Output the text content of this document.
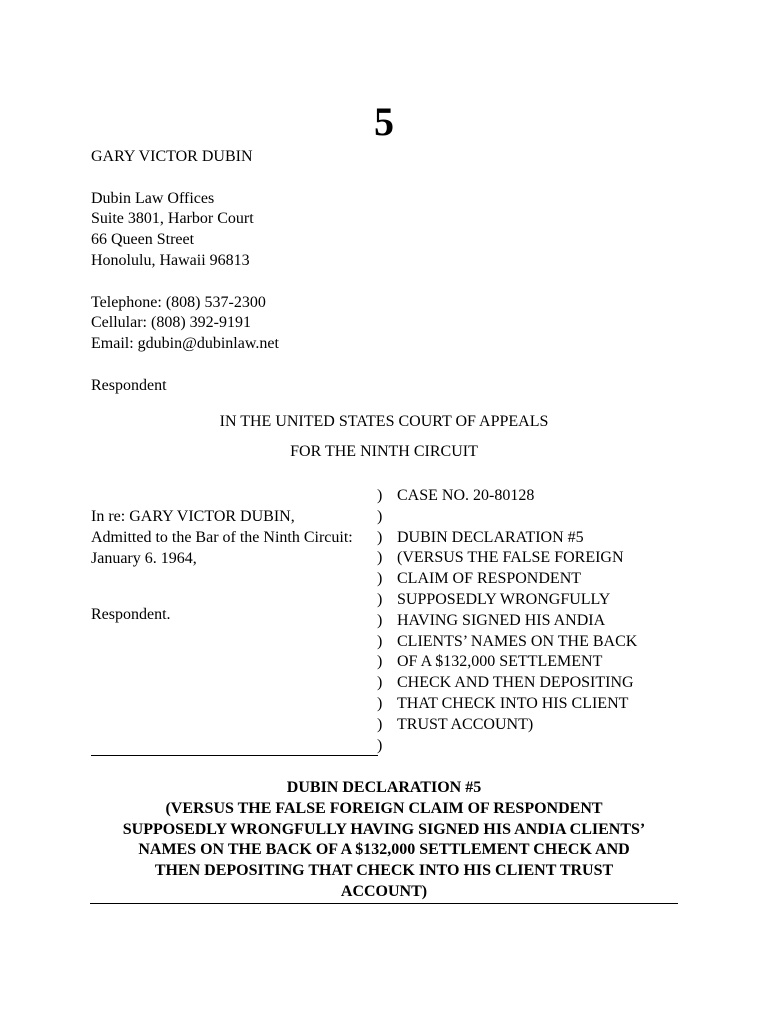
5
GARY VICTOR DUBIN
Dubin Law Offices
Suite 3801, Harbor Court
66 Queen Street
Honolulu, Hawaii 96813
Telephone: (808) 537-2300
Cellular: (808) 392-9191
Email: gdubin@dubinlaw.net
Respondent
IN THE UNITED STATES COURT OF APPEALS
FOR THE NINTH CIRCUIT
In re: GARY VICTOR DUBIN,
Admitted to the Bar of the Ninth Circuit:
January 6. 1964,
Respondent.
)
)
)
)
)
)
)
)
)
)
)
)
)
CASE NO. 20-80128
DUBIN DECLARATION #5
(VERSUS THE FALSE FOREIGN
CLAIM OF RESPONDENT
SUPPOSEDLY WRONGFULLY
HAVING SIGNED HIS ANDIA
CLIENTS’ NAMES ON THE BACK
OF A $132,000 SETTLEMENT
CHECK AND THEN DEPOSITING
THAT CHECK INTO HIS CLIENT
TRUST ACCOUNT)
DUBIN DECLARATION #5
(VERSUS THE FALSE FOREIGN CLAIM OF RESPONDENT
SUPPOSEDLY WRONGFULLY HAVING SIGNED HIS ANDIA CLIENTS’
NAMES ON THE BACK OF A $132,000 SETTLEMENT CHECK AND
THEN DEPOSITING THAT CHECK INTO HIS CLIENT TRUST
ACCOUNT)
